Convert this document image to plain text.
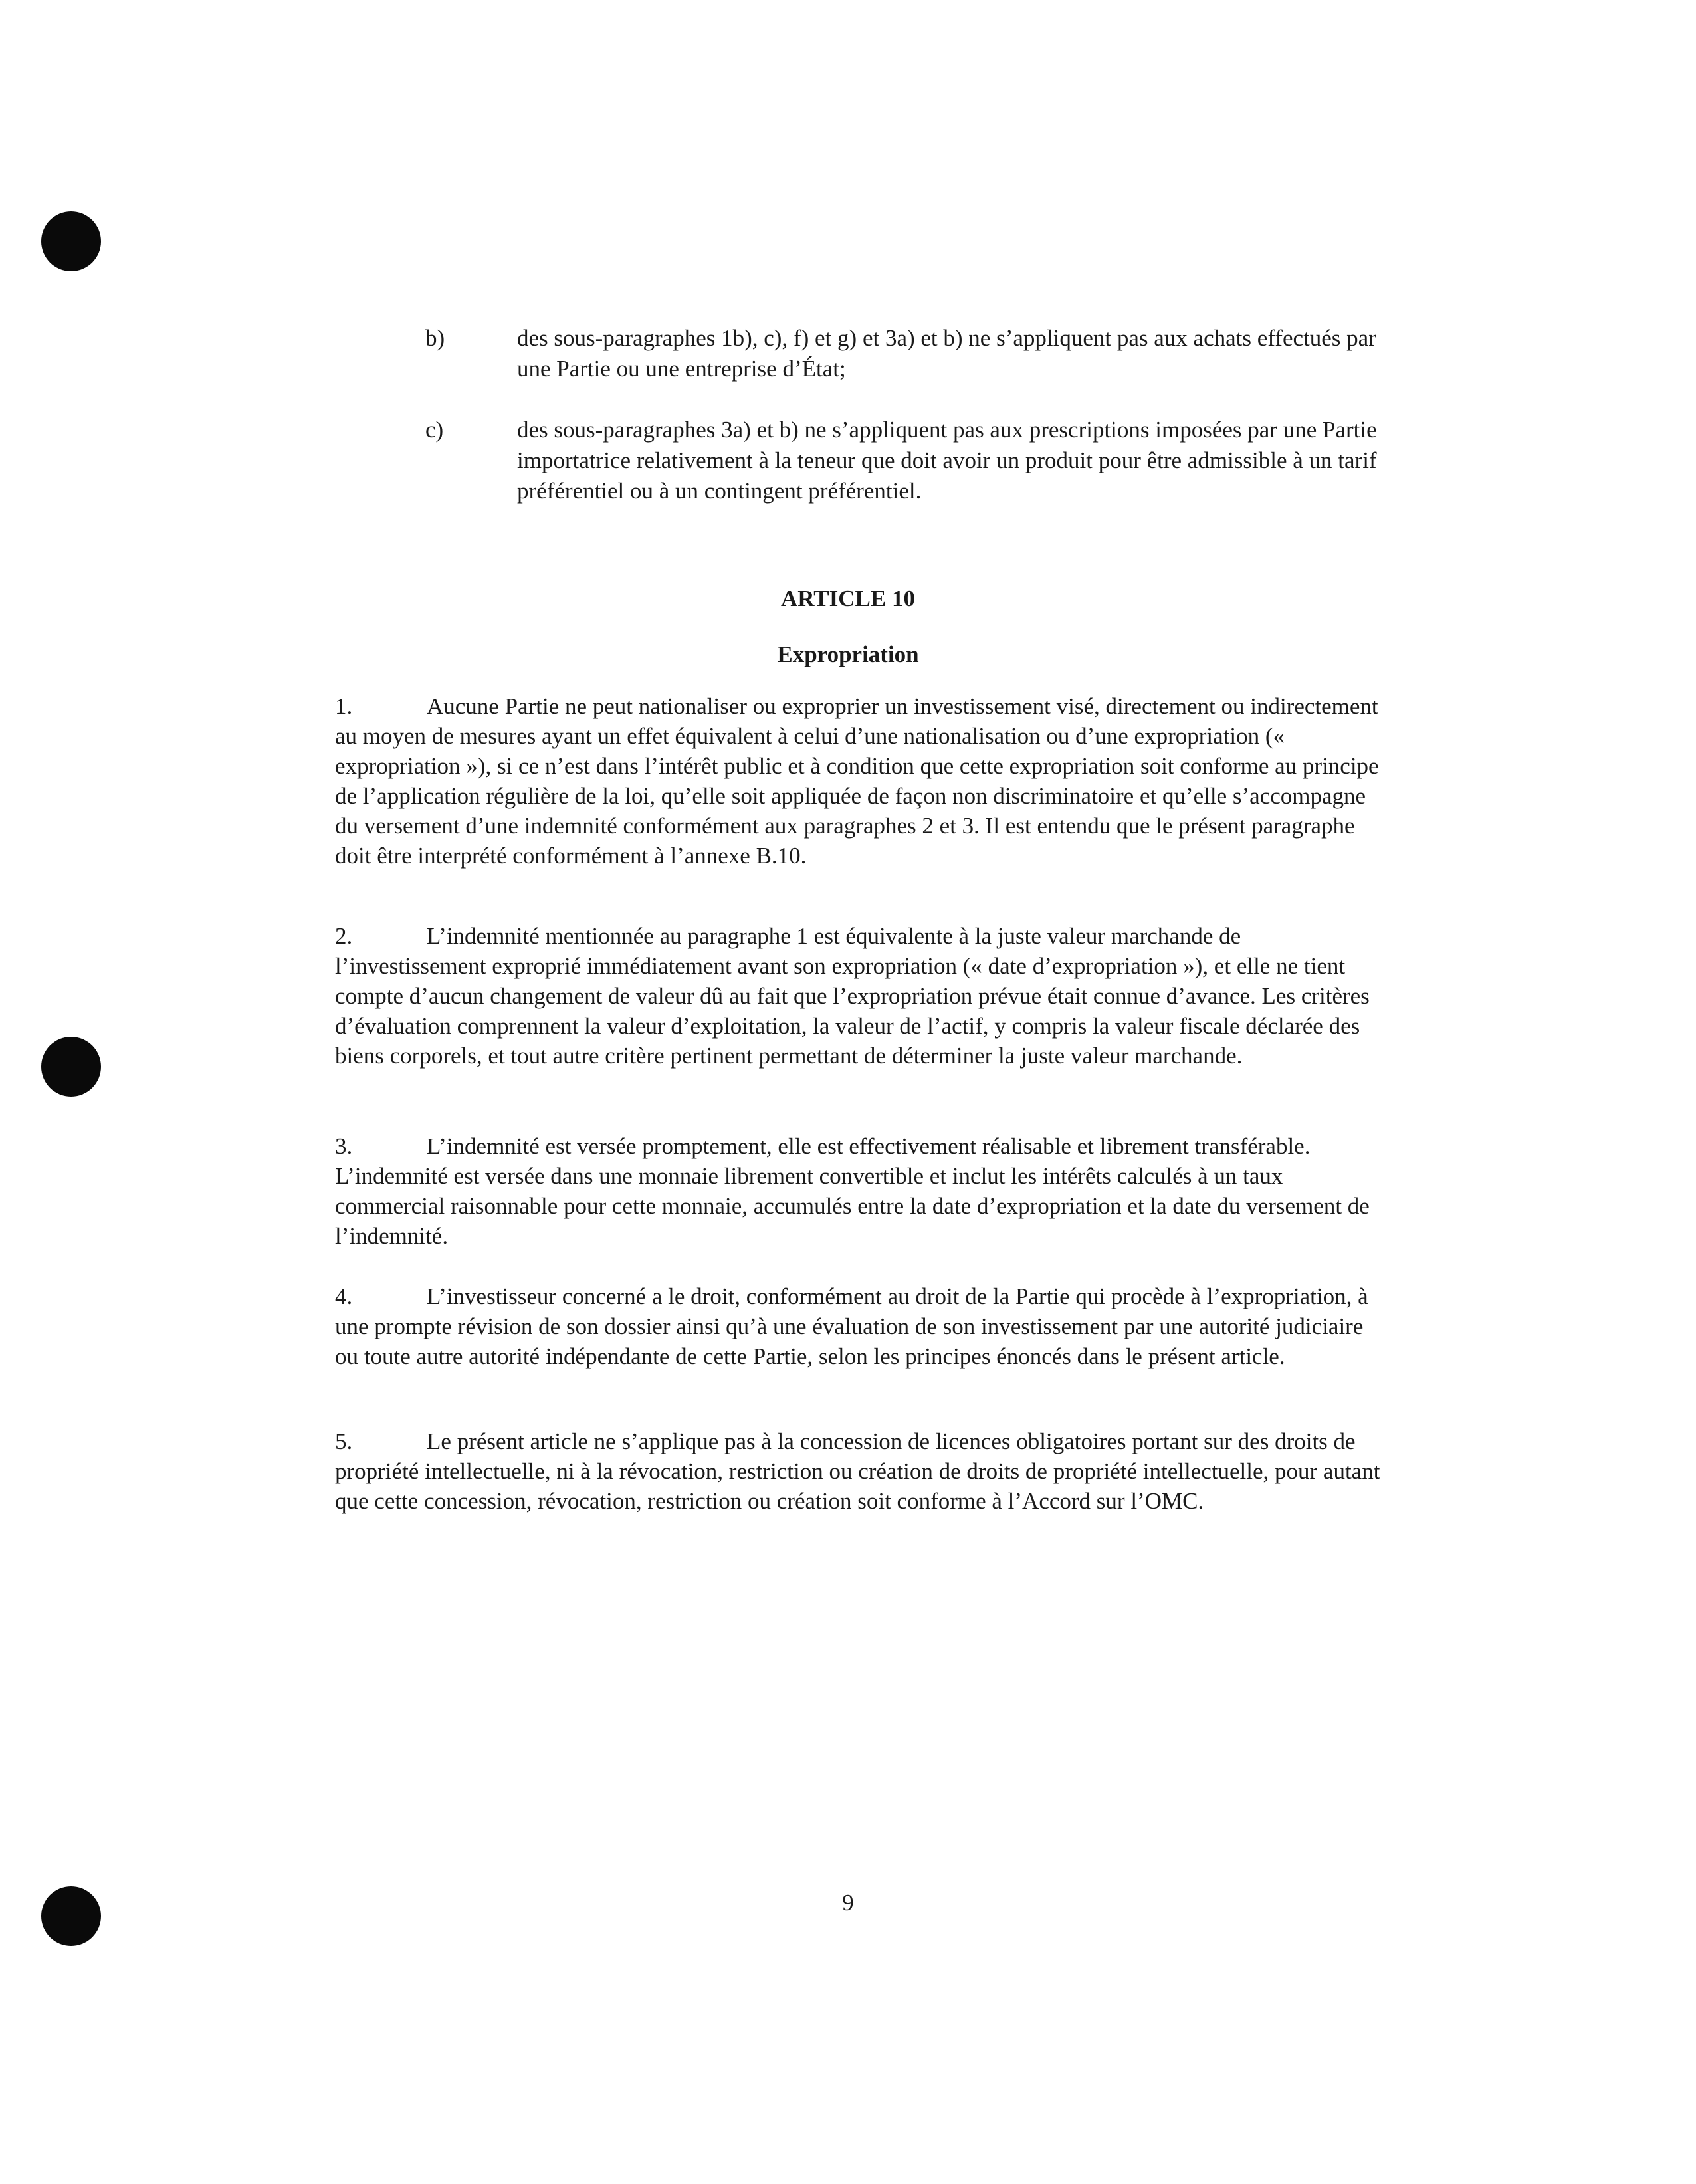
b)	des sous-paragraphes 1b), c), f) et g) et 3a) et b) ne s’appliquent pas aux achats effectués par une Partie ou une entreprise d’État;
c)	des sous-paragraphes 3a) et b) ne s’appliquent pas aux prescriptions imposées par une Partie importatrice relativement à la teneur que doit avoir un produit pour être admissible à un tarif préférentiel ou à un contingent préférentiel.
ARTICLE 10
Expropriation

1.	Aucune Partie ne peut nationaliser ou exproprier un investissement visé, directement ou indirectement au moyen de mesures ayant un effet équivalent à celui d’une nationalisation ou d’une expropriation (« expropriation »), si ce n’est dans l’intérêt public et à condition que cette expropriation soit conforme au principe de l’application régulière de la loi, qu’elle soit appliquée de façon non discriminatoire et qu’elle s’accompagne du versement d’une indemnité conformément aux paragraphes 2 et 3. Il est entendu que le présent paragraphe doit être interprété conformément à l’annexe B.10.

2.	L’indemnité mentionnée au paragraphe 1 est équivalente à la juste valeur marchande de l’investissement exproprié immédiatement avant son expropriation (« date d’expropriation »), et elle ne tient compte d’aucun changement de valeur dû au fait que l’expropriation prévue était connue d’avance. Les critères d’évaluation comprennent la valeur d’exploitation, la valeur de l’actif, y compris la valeur fiscale déclarée des biens corporels, et tout autre critère pertinent permettant de déterminer la juste valeur marchande.

3.	L’indemnité est versée promptement, elle est effectivement réalisable et librement transférable. L’indemnité est versée dans une monnaie librement convertible et inclut les intérêts calculés à un taux commercial raisonnable pour cette monnaie, accumulés entre la date d’expropriation et la date du versement de l’indemnité.

4.	L’investisseur concerné a le droit, conformément au droit de la Partie qui procède à l’expropriation, à une prompte révision de son dossier ainsi qu’à une évaluation de son investissement par une autorité judiciaire ou toute autre autorité indépendante de cette Partie, selon les principes énoncés dans le présent article.

5.	Le présent article ne s’applique pas à la concession de licences obligatoires portant sur des droits de propriété intellectuelle, ni à la révocation, restriction ou création de droits de propriété intellectuelle, pour autant que cette concession, révocation, restriction ou création soit conforme à l’Accord sur l’OMC.

9
